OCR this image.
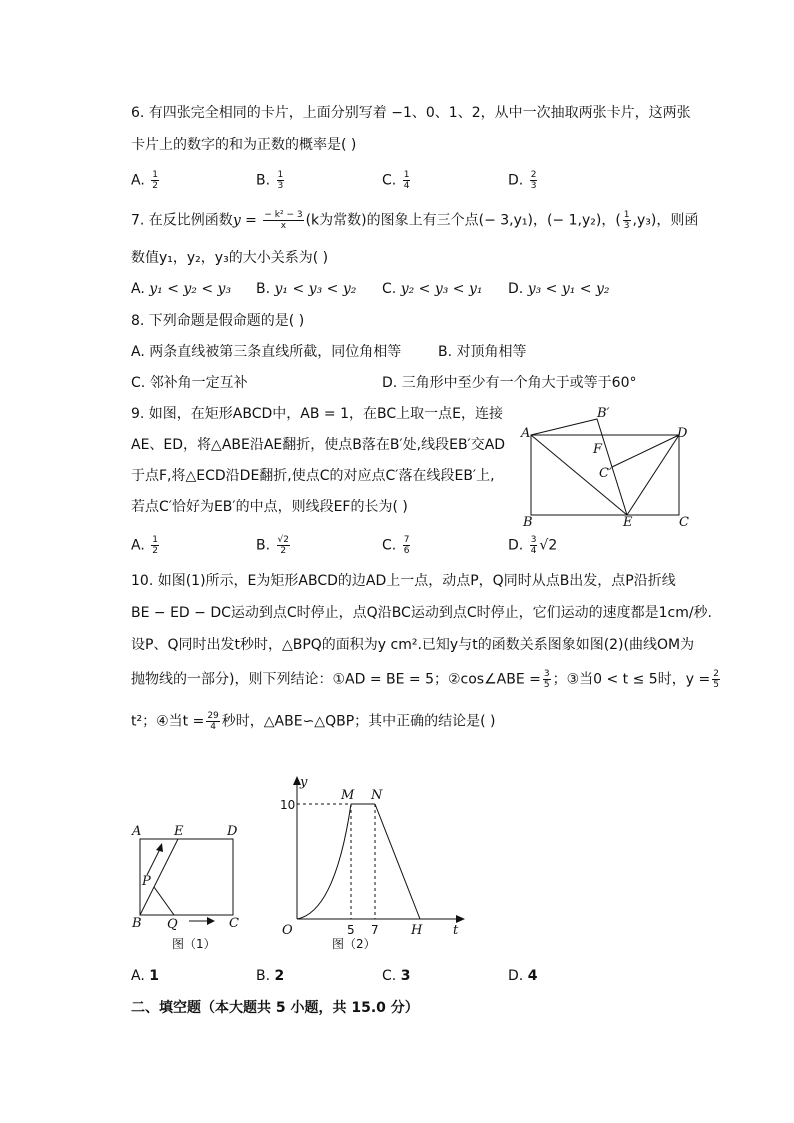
6. 有四张完全相同的卡片，上面分别写着 −1、0、1、2，从中一次抽取两张卡片，这两张
卡片上的数字的和为正数的概率是( )
A. $\frac{1}{2}$	B. $\frac{1}{3}$	C. $\frac{1}{4}$	D. $\frac{2}{3}$
7. 在反比例函数$y = \frac{\text{− k² − 3}}{x} (k$为常数)的图象上有三个点(− 3,y₁)，(− 1,y₂)，( $\frac{1}{3} ,y_3$)，则函
数值y₁，y₂，y₃的大小关系为( )
A. y₁ < y₂ < y₃ B. y₁ < y₃ < y₂ C. y₂ < y₃ < y₁ D. y₃ < y₁ < y₂
8. 下列命题是假命题的是( )
A. 两条直线被第三条直线所截，同位角相等	B. 对顶角相等
C. 邻补角一定互补	D. 三角形中至少有一个角大于或等于60°
9. 如图，在矩形ABCD中，AB = 1，在BC上取一点E，连接
AE、ED，将△ABE沿AE翻折，使点B落在B′处,线段EB′交AD
于点F,将△ECD沿DE翻折,使点C的对应点C′落在线段EB′上,
若点C′恰好为EB′的中点，则线段EF的长为( )
A
B′
D
F
C′
B	E	C
A. $\frac{1}{2}$	B. $\frac{√2}{2}$	C. $\frac{7}{6}$	D. $\frac{3}{4} √2$
10. 如图(1)所示，E为矩形ABCD的边AD上一点，动点P，Q同时从点B出发，点P沿折线
BE − ED − DC运动到点C时停止，点Q沿BC运动到点C时停止，它们运动的速度都是1cm/秒.
设P、Q同时出发t秒时，△BPQ的面积为y cm².已知y与t的函数关系图象如图(2)(曲线OM为
抛物线的一部分)，则下列结论：①AD = BE = 5；②cos∠ABE = $\frac{3}{5}$ ；③当0 < t ≤ 5时，$y = \frac{2}{5}$
t²；④当$t = \frac{29}{4}$ 秒时，△ABE∽△QBP；其中正确的结论是( )
A	E	D
P
B Q	C
图（1）
y
10
M N
O	5 7 H t
图（2）
A. 1	B. 2	C. 3	D. 4
二、填空题（本大题共 5 小题，共 15.0 分）
